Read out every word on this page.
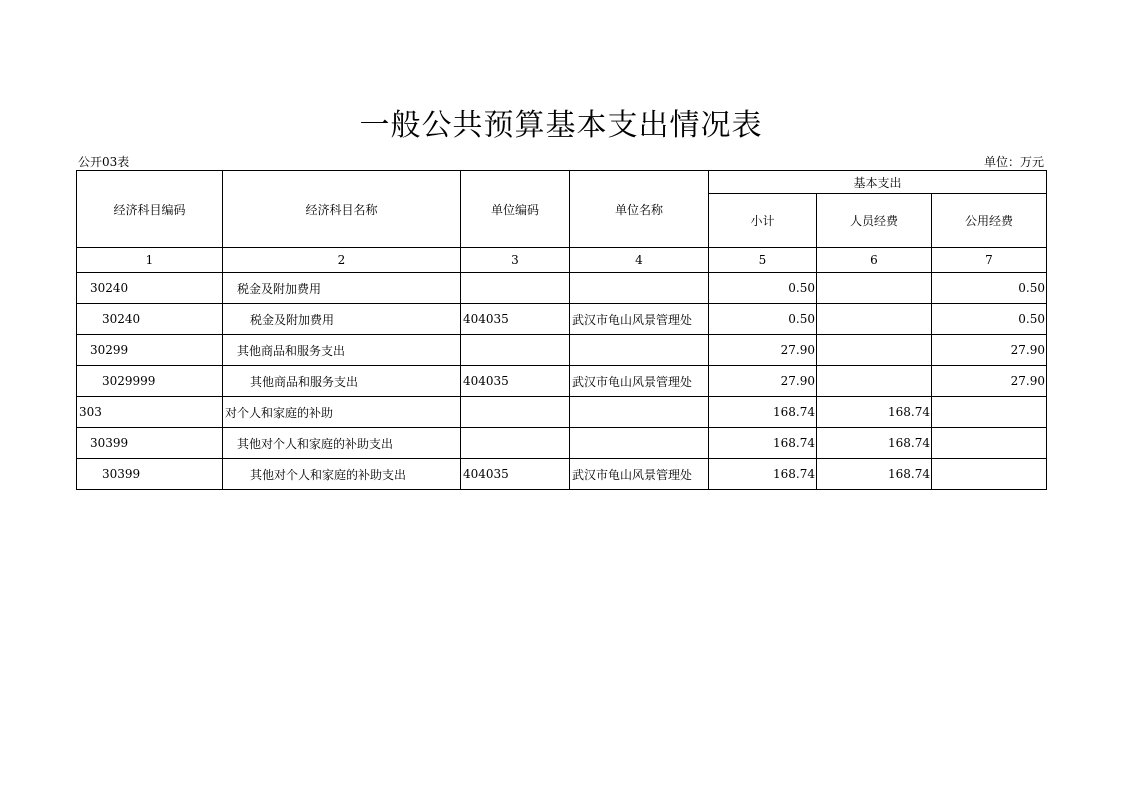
一般公共预算基本支出情况表
公开03表	单位：万元
经济科目编码	经济科目名称	单位编码	单位名称	基本支出		
				小计	人员经费	公用经费
1	2	3	4	5	6	7
30240	税金及附加费用			0.50		0.50
30240	税金及附加费用	404035	武汉市龟山风景管理处	0.50		0.50
30299	其他商品和服务支出			27.90		27.90
3029999	其他商品和服务支出	404035	武汉市龟山风景管理处	27.90		27.90
303	对个人和家庭的补助			168.74	168.74	
30399	其他对个人和家庭的补助支出			168.74	168.74	
30399	其他对个人和家庭的补助支出	404035	武汉市龟山风景管理处	168.74	168.74	
